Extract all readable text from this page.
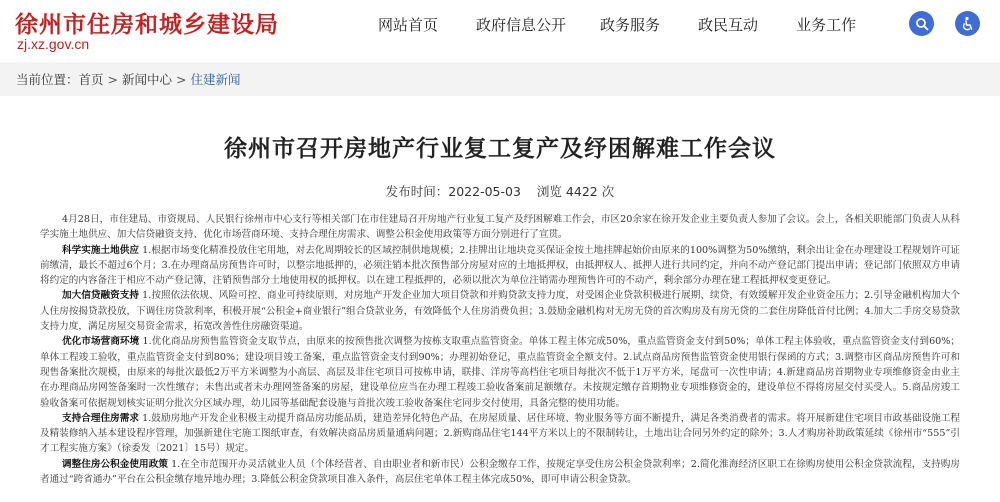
徐州市住房和城乡建设局
zj.xz.gov.cn
网站首页	政府信息公开 政务服务	政民互动	业务工作
当前位置： 首页 > 新闻中心 > 住建新闻
徐州市召开房地产行业复工复产及纾困解难工作会议
发布时间：2022-05-03 浏览 4422 次

4月28日，市住建局、市资规局、人民银行徐州市中心支行等相关部门在市住建局召开房地产行业复工复产及纾困解难工作会，市区20余家在徐开发企业主要负责人参加了会议。会上，各相关职能部门负责人从科学实施土地供应、加大信贷融资支持、优化市场营商环境、支持合理住房需求、调整公积金使用政策等方面分别进行了宣贯。

科学实施土地供应 1.根据市场变化精准投放住宅用地，对去化周期较长的区域控制供地规模；2.挂牌出让地块竞买保证金按土地挂牌起始价由原来的100%调整为50%缴纳，剩余出让金在办理建设工程规划许可证前缴清，最长不超过6个月；3.在办理商品房预售许可时，以整宗地抵押的，必须注销本批次预售部分房屋对应的土地抵押权，由抵押权人、抵押人进行共同约定，并向不动产登记部门提出申请；登记部门依照双方申请将约定的内容备注于相应不动产登记簿，注销预售部分土地使用权的抵押权。以在建工程抵押的，必须以批次为单位注销需办理预售许可的不动产，剩余部分办理在建工程抵押权变更登记。

加大信贷融资支持 1.按照依法依规、风险可控、商业可持续原则，对房地产开发企业加大项目贷款和并购贷款支持力度，对受困企业贷款积极进行展期、续贷，有效缓解开发企业资金压力；2.引导金融机构加大个人住房按揭贷款投放，下调住房贷款利率，积极开展“公积金+商业银行”组合贷款业务，有效降低个人住房消费负担；3.鼓励金融机构对无房无贷的首次购房及有房无贷的二套住房降低首付比例；4.加大二手房交易贷款支持力度，满足房屋交易资金需求，拓宽改善性住房融资渠道。

优化市场营商环境 1.优化商品房预售监管资金支取节点，由原来的按预售批次调整为按栋支取重点监管资金。单体工程主体完成50%，重点监管资金支付到50%；单体工程主体验收，重点监管资金支付到60%；单体工程竣工验收，重点监管资金支付到80%；建设项目竣工备案，重点监管资金支付到90%；办理初始登记，重点监管资金全额支付。2.试点商品房预售监管资金使用银行保函的方式；3.调整市区商品房预售许可和现售备案批次规模，由原来的每批次最低2万平方米调整为小高层、高层及非住宅项目可按栋申请，联排、洋房等高档住宅项目每批次不低于1万平方米，尾盘可一次性申请；4.新建商品房首期物业专项维修资金由业主在办理商品房网签备案时一次性缴存；未售出或者未办理网签备案的房屋，建设单位应当在办理工程竣工验收备案前足额缴存。未按规定缴存首期物业专项维修资金的，建设单位不得将房屋交付买受人。5.商品房竣工验收备案可依据规划核实证明分批次分区域办理，幼儿园等基础配套设施与首批次竣工验收备案住宅同步交付使用，具备完整的使用功能。

支持合理住房需求 1.鼓励房地产开发企业积极主动提升商品房功能品质，建造差异化特色产品，在房屋质量、居住环境、物业服务等方面不断提升，满足各类消费者的需求。将开展新建住宅项目市政基础设施工程及精装修纳入基本建设程序管理，加强新建住宅施工图纸审查，有效解决商品房质量通病问题；2.新购商品住宅144平方米以上的不限制转让，土地出让合同另外约定的除外；3.人才购房补助政策延续《徐州市“555”引才工程实施方案》（徐委发〔2021〕15号）规定。

调整住房公积金使用政策 1.在全市范围开办灵活就业人员（个体经营者、自由职业者和新市民）公积金缴存工作，按规定享受住房公积金贷款利率；2.简化淮海经济区职工在徐购房使用公积金贷款流程，支持购房者通过“跨省通办”平台在公积金缴存地异地办理；3.降低公积金贷款项目准入条件，高层住宅单体工程主体完成50%，即可申请公积金贷款。
